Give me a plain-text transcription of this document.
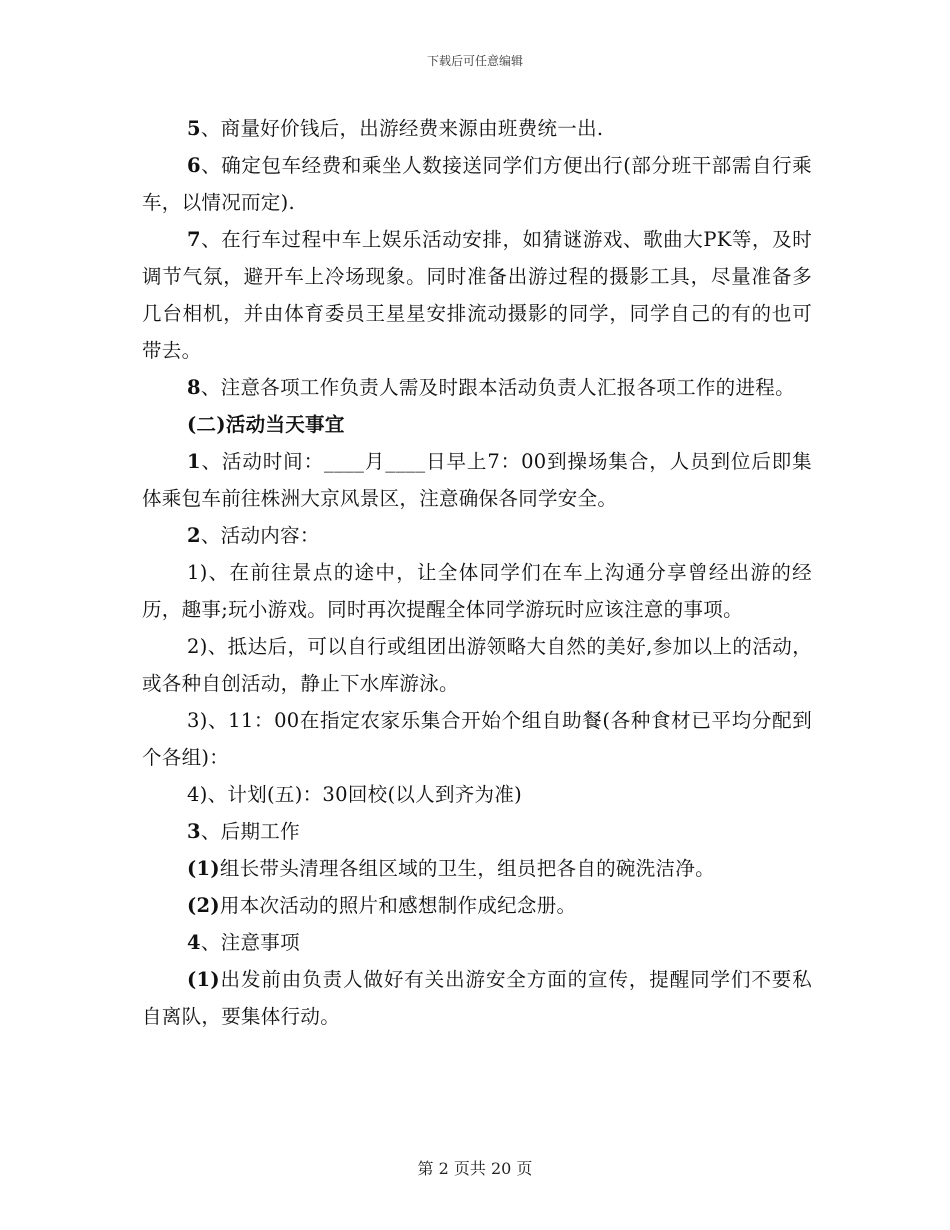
下载后可任意编辑

5、商量好价钱后，出游经费来源由班费统一出.

6、确定包车经费和乘坐人数接送同学们方便出行(部分班干部需自行乘车，以情况而定).

7、在行车过程中车上娱乐活动安排，如猜谜游戏、歌曲大PK等，及时调节气氛，避开车上冷场现象。同时准备出游过程的摄影工具，尽量准备多几台相机，并由体育委员王星星安排流动摄影的同学，同学自己的有的也可带去。

8、注意各项工作负责人需及时跟本活动负责人汇报各项工作的进程。

(二)活动当天事宜

1、活动时间：____月____日早上7：00到操场集合，人员到位后即集体乘包车前往株洲大京风景区，注意确保各同学安全。

2、活动内容：

1)、在前往景点的途中，让全体同学们在车上沟通分享曾经出游的经历，趣事;玩小游戏。同时再次提醒全体同学游玩时应该注意的事项。

2)、抵达后，可以自行或组团出游领略大自然的美好,参加以上的活动，或各种自创活动，静止下水库游泳。

3)、11：00在指定农家乐集合开始个组自助餐(各种食材已平均分配到个各组)：

4)、计划(五)：30回校(以人到齐为准)

3、后期工作

(1)组长带头清理各组区域的卫生，组员把各自的碗洗洁净。

(2)用本次活动的照片和感想制作成纪念册。

4、注意事项

(1)出发前由负责人做好有关出游安全方面的宣传，提醒同学们不要私自离队，要集体行动。

第 2 页共 20 页
